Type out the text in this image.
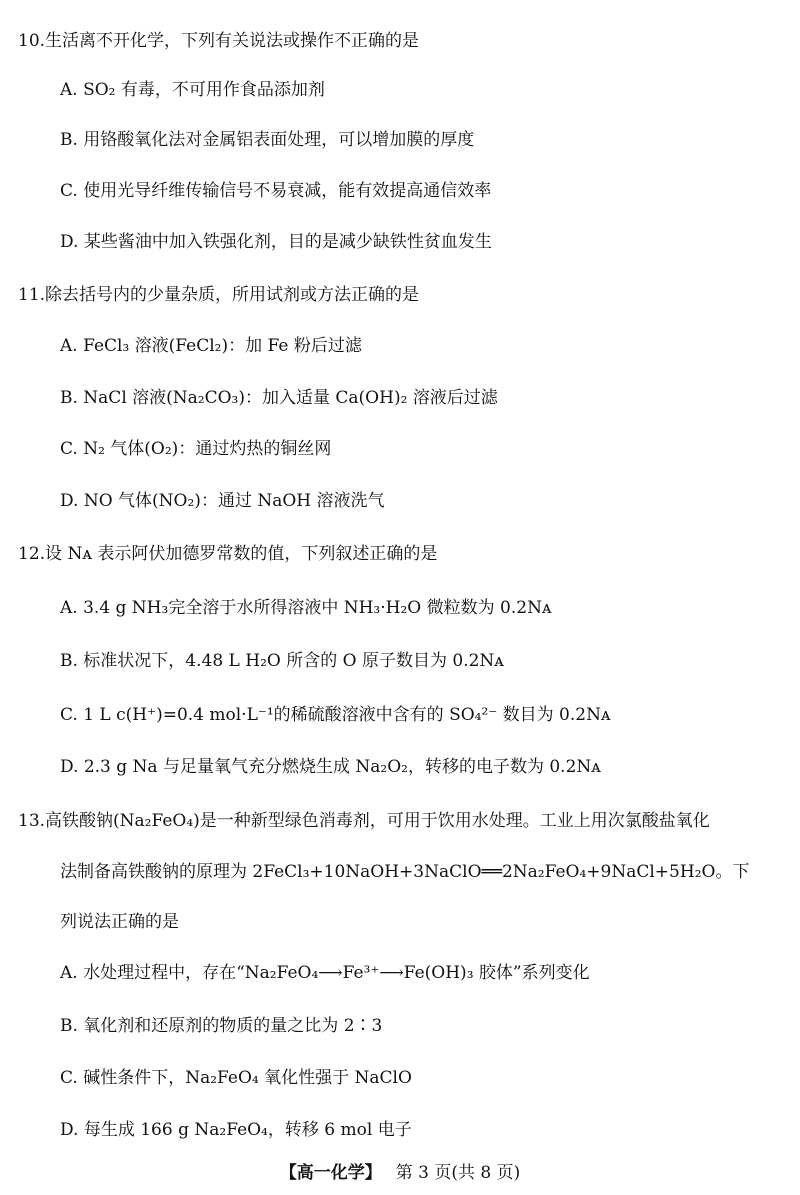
10.生活离不开化学，下列有关说法或操作不正确的是
A. SO₂ 有毒，不可用作食品添加剂
B. 用铬酸氧化法对金属铝表面处理，可以增加膜的厚度
C. 使用光导纤维传输信号不易衰减，能有效提高通信效率
D. 某些酱油中加入铁强化剂，目的是减少缺铁性贫血发生
11.除去括号内的少量杂质，所用试剂或方法正确的是
A. FeCl₃ 溶液(FeCl₂)：加 Fe 粉后过滤
B. NaCl 溶液(Na₂CO₃)：加入适量 Ca(OH)₂ 溶液后过滤
C. N₂ 气体(O₂)：通过灼热的铜丝网
D. NO 气体(NO₂)：通过 NaOH 溶液洗气
12.设 Nᴀ 表示阿伏加德罗常数的值，下列叙述正确的是
A. 3.4 g NH₃完全溶于水所得溶液中 NH₃·H₂O 微粒数为 0.2Nᴀ
B. 标准状况下，4.48 L H₂O 所含的 O 原子数目为 0.2Nᴀ
C. 1 L c(H⁺)=0.4 mol·L⁻¹的稀硫酸溶液中含有的 SO₄²⁻ 数目为 0.2Nᴀ
D. 2.3 g Na 与足量氧气充分燃烧生成 Na₂O₂，转移的电子数为 0.2Nᴀ
13.高铁酸钠(Na₂FeO₄)是一种新型绿色消毒剂，可用于饮用水处理。工业上用次氯酸盐氧化
法制备高铁酸钠的原理为 2FeCl₃+10NaOH+3NaClO══2Na₂FeO₄+9NaCl+5H₂O。下
列说法正确的是
A. 水处理过程中，存在“Na₂FeO₄⟶Fe³⁺⟶Fe(OH)₃ 胶体”系列变化
B. 氧化剂和还原剂的物质的量之比为 2∶3
C. 碱性条件下，Na₂FeO₄ 氧化性强于 NaClO
D. 每生成 166 g Na₂FeO₄，转移 6 mol 电子
【高一化学】 第 3 页(共 8 页)
